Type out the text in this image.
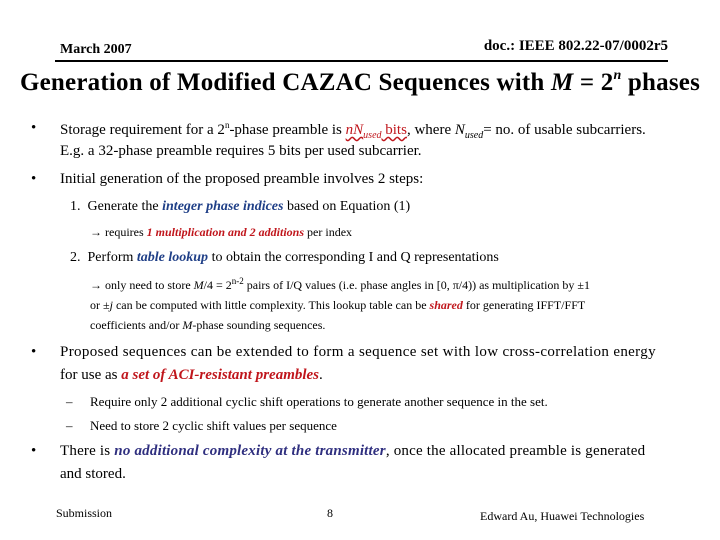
March 2007	doc.: IEEE 802.22-07/0002r5
Generation of Modified CAZAC Sequences with $M = 2^n$ phases
• Storage requirement for a 2$^n$-phase preamble is $nN_{used}$ bits, where $N_{used}=$ no. of usable subcarriers.
E.g. a 32-phase preamble requires 5 bits per used subcarrier.
• Initial generation of the proposed preamble involves 2 steps:
1. Generate the integer phase indices based on Equation (1)
→ requires 1 multiplication and 2 additions per index
2. Perform table lookup to obtain the corresponding I and Q representations
→ only need to store $M/4 = 2^{n-2}$ pairs of I/Q values (i.e. phase angles in [0, π/4)) as multiplication by ±1
or ±j can be computed with little complexity. This lookup table can be shared for generating IFFT/FFT
coefficients and/or M-phase sounding sequences.
• Proposed sequences can be extended to form a sequence set with low cross-correlation energy
for use as a set of ACI-resistant preambles.
– Require only 2 additional cyclic shift operations to generate another sequence in the set.
– Need to store 2 cyclic shift values per sequence
• There is no additional complexity at the transmitter, once the allocated preamble is generated
and stored.
Submission	8	Edward Au, Huawei Technologies
